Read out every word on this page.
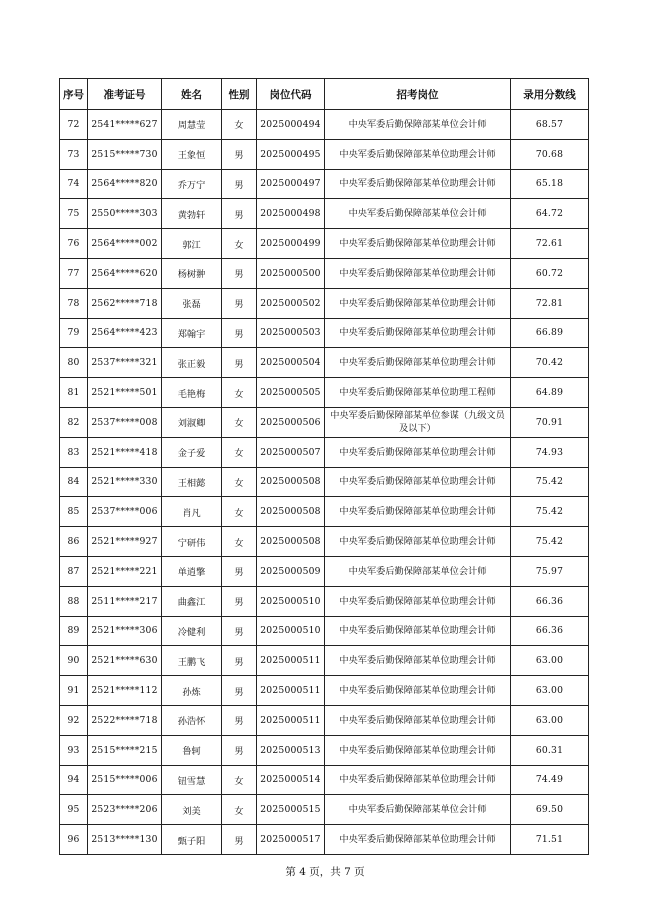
序号	准考证号	姓名	性别	岗位代码	招考岗位	录用分数线
72	2541*****627	周慧莹	女	2025000494	中央军委后勤保障部某单位会计师	68.57
73	2515*****730	王象恒	男	2025000495	中央军委后勤保障部某单位助理会计师	70.68
74	2564*****820	乔万宁	男	2025000497	中央军委后勤保障部某单位助理会计师	65.18
75	2550*****303	黄勃轩	男	2025000498	中央军委后勤保障部某单位会计师	64.72
76	2564*****002	郭江	女	2025000499	中央军委后勤保障部某单位助理会计师	72.61
77	2564*****620	杨树翀	男	2025000500	中央军委后勤保障部某单位助理会计师	60.72
78	2562*****718	张磊	男	2025000502	中央军委后勤保障部某单位助理会计师	72.81
79	2564*****423	郑翰宇	男	2025000503	中央军委后勤保障部某单位助理会计师	66.89
80	2537*****321	张正毅	男	2025000504	中央军委后勤保障部某单位助理会计师	70.42
81	2521*****501	毛艳梅	女	2025000505	中央军委后勤保障部某单位助理工程师	64.89
82	2537*****008	刘淑卿	女	2025000506	中央军委后勤保障部某单位参谋（九级文员及以下）	70.91
83	2521*****418	金子爱	女	2025000507	中央军委后勤保障部某单位助理会计师	74.93
84	2521*****330	王相懿	女	2025000508	中央军委后勤保障部某单位助理会计师	75.42
85	2537*****006	肖凡	女	2025000508	中央军委后勤保障部某单位助理会计师	75.42
86	2521*****927	宁研伟	女	2025000508	中央军委后勤保障部某单位助理会计师	75.42
87	2521*****221	单逍擎	男	2025000509	中央军委后勤保障部某单位会计师	75.97
88	2511*****217	曲鑫江	男	2025000510	中央军委后勤保障部某单位助理会计师	66.36
89	2521*****306	冷健利	男	2025000510	中央军委后勤保障部某单位助理会计师	66.36
90	2521*****630	王鹏飞	男	2025000511	中央军委后勤保障部某单位助理会计师	63.00
91	2521*****112	孙炼	男	2025000511	中央军委后勤保障部某单位助理会计师	63.00
92	2522*****718	孙浩怀	男	2025000511	中央军委后勤保障部某单位助理会计师	63.00
93	2515*****215	鲁轲	男	2025000513	中央军委后勤保障部某单位助理会计师	60.31
94	2515*****006	钮雪慧	女	2025000514	中央军委后勤保障部某单位助理会计师	74.49
95	2523*****206	刘美	女	2025000515	中央军委后勤保障部某单位会计师	69.50
96	2513*****130	甄子阳	男	2025000517	中央军委后勤保障部某单位助理会计师	71.51
第 4 页，共 7 页
